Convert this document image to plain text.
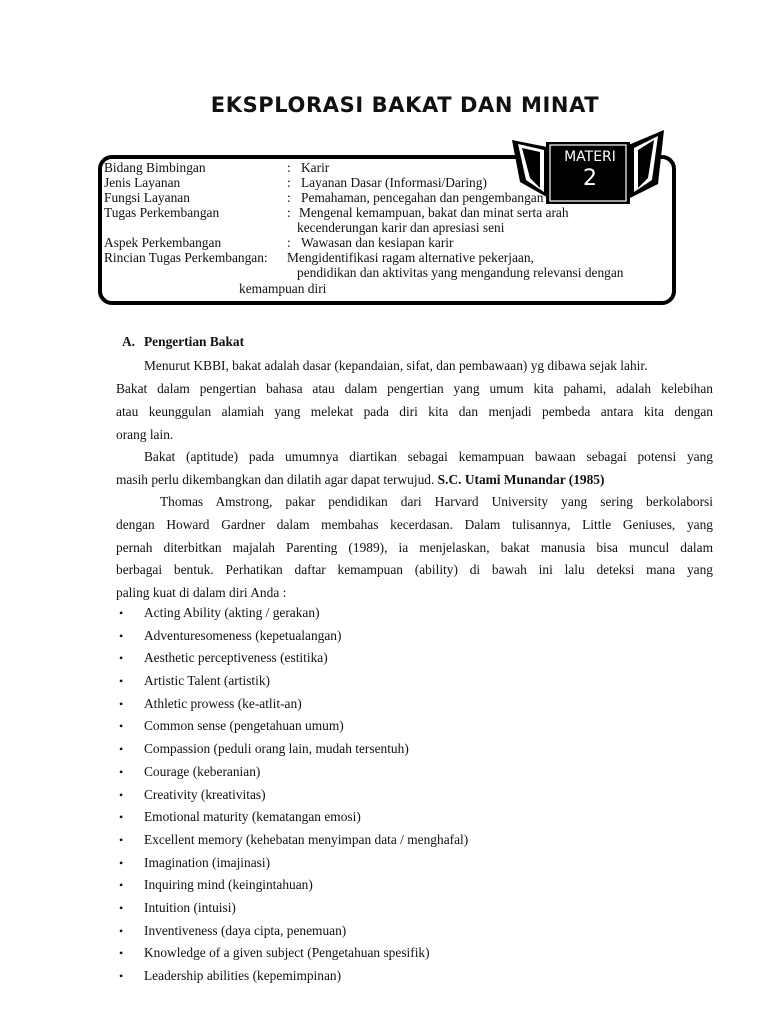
EKSPLORASI BAKAT DAN MINAT
Bidang Bimbingan	: Karir
Jenis Layanan	: Layanan Dasar (Informasi/Daring)
Fungsi Layanan	: Pemahaman, pencegahan dan pengembangan
Tugas Perkembangan	: Mengenal kemampuan, bakat dan minat serta arah
kecenderungan karir dan apresiasi seni
Aspek Perkembangan	: Wawasan dan kesiapan karir
Rincian Tugas Perkembangan: Mengidentifikasi ragam alternative pekerjaan,
pendidikan dan aktivitas yang mengandung relevansi dengan
kemampuan diri
MATERI
2
A. Pengertian Bakat
Menurut KBBI, bakat adalah dasar (kepandaian, sifat, dan pembawaan) yg dibawa sejak lahir.
Bakat dalam pengertian bahasa atau dalam pengertian yang umum kita pahami, adalah kelebihan
atau keunggulan alamiah yang melekat pada diri kita dan menjadi pembeda antara kita dengan
orang lain.
Bakat (aptitude) pada umumnya diartikan sebagai kemampuan bawaan sebagai potensi yang
masih perlu dikembangkan dan dilatih agar dapat terwujud. S.C. Utami Munandar (1985)
Thomas Amstrong, pakar pendidikan dari Harvard University yang sering berkolaborsi
dengan Howard Gardner dalam membahas kecerdasan. Dalam tulisannya, Little Geniuses, yang
pernah diterbitkan majalah Parenting (1989), ia menjelaskan, bakat manusia bisa muncul dalam
berbagai bentuk. Perhatikan daftar kemampuan (ability) di bawah ini lalu deteksi mana yang
paling kuat di dalam diri Anda :
• Acting Ability (akting / gerakan)
• Adventuresomeness (kepetualangan)
• Aesthetic perceptiveness (estitika)
• Artistic Talent (artistik)
• Athletic prowess (ke-atlit-an)
• Common sense (pengetahuan umum)
• Compassion (peduli orang lain, mudah tersentuh)
• Courage (keberanian)
• Creativity (kreativitas)
• Emotional maturity (kematangan emosi)
• Excellent memory (kehebatan menyimpan data / menghafal)
• Imagination (imajinasi)
• Inquiring mind (keingintahuan)
• Intuition (intuisi)
• Inventiveness (daya cipta, penemuan)
• Knowledge of a given subject (Pengetahuan spesifik)
• Leadership abilities (kepemimpinan)
